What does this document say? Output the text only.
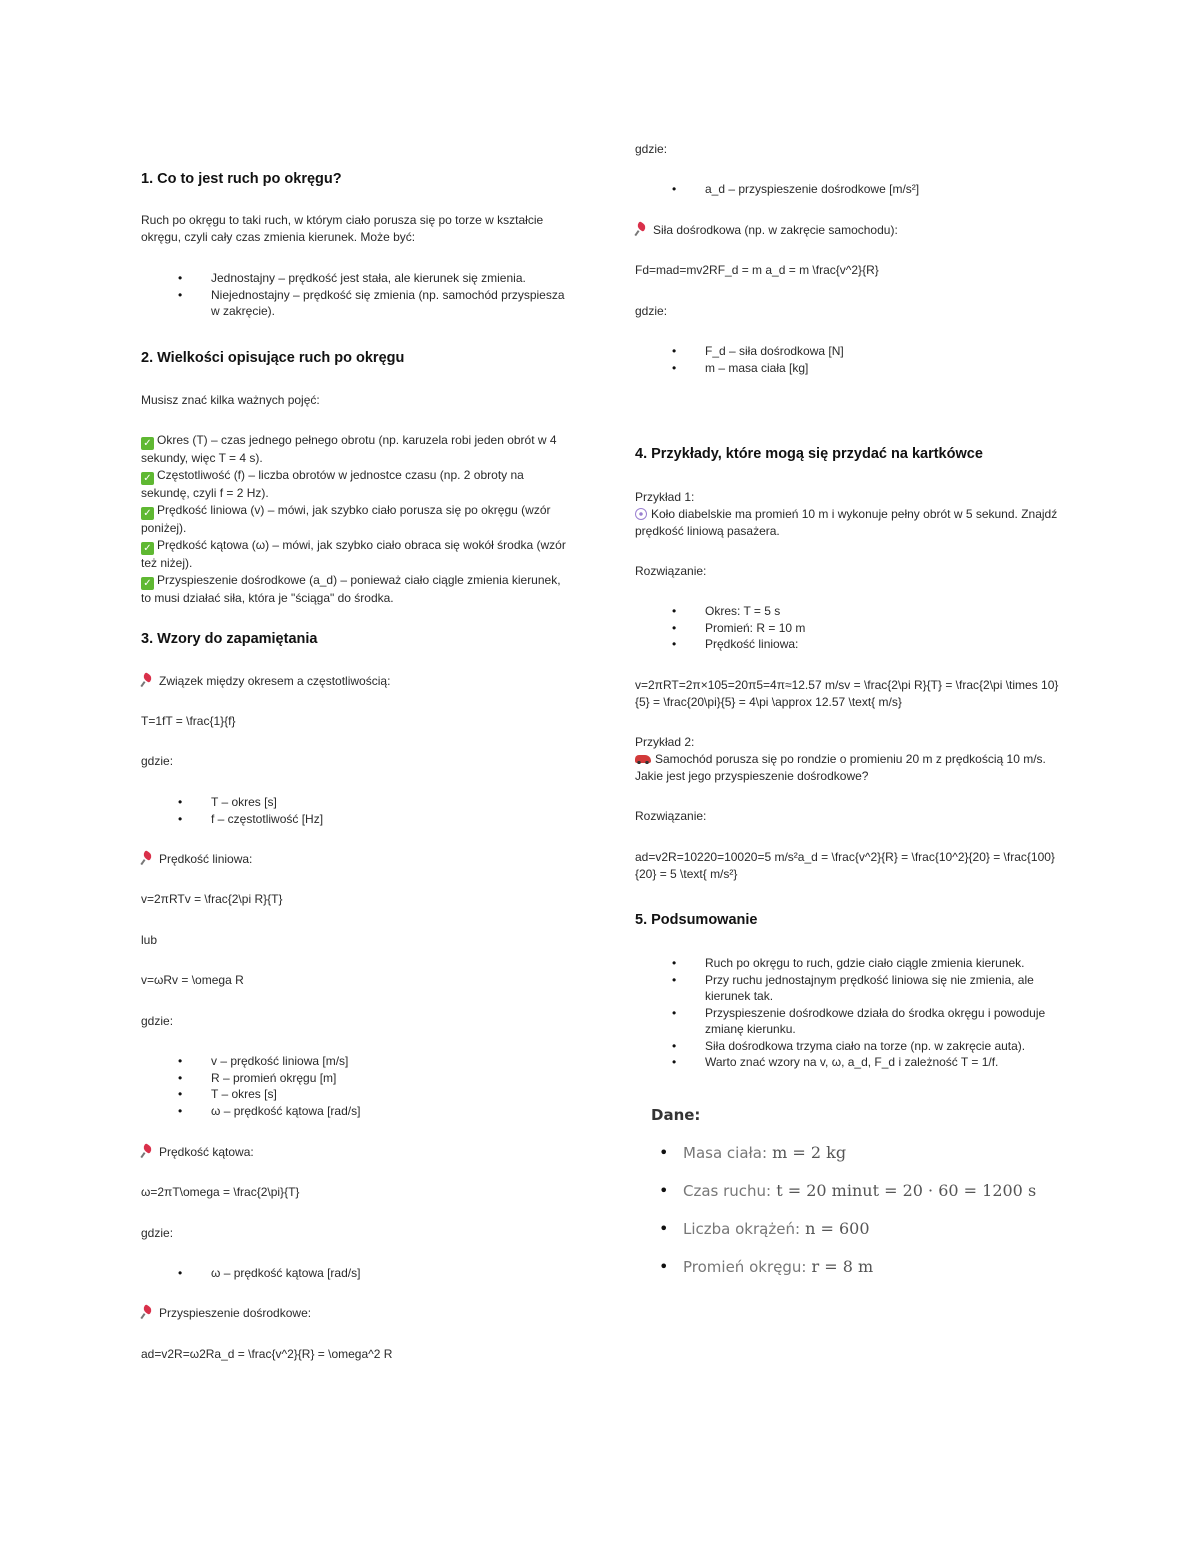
1. Co to jest ruch po okręgu?

Ruch po okręgu to taki ruch, w którym ciało porusza się po torze w kształcie okręgu, czyli cały czas zmienia kierunek. Może być:

• Jednostajny – prędkość jest stała, ale kierunek się zmienia.
• Niejednostajny – prędkość się zmienia (np. samochód przyspiesza w zakręcie).
2. Wielkości opisujące ruch po okręgu

Musisz znać kilka ważnych pojęć:

✓ Okres (T) – czas jednego pełnego obrotu (np. karuzela robi jeden obrót w 4 sekundy, więc T = 4 s).
✓ Częstotliwość (f) – liczba obrotów w jednostce czasu (np. 2 obroty na sekundę, czyli f = 2 Hz).
✓ Prędkość liniowa (v) – mówi, jak szybko ciało porusza się po okręgu (wzór poniżej).
✓ Prędkość kątowa (ω) – mówi, jak szybko ciało obraca się wokół środka (wzór też niżej).
✓ Przyspieszenie dośrodkowe (a_d) – ponieważ ciało ciągle zmienia kierunek, to musi działać siła, która je "ściąga" do środka.
3. Wzory do zapamiętania

Związek między okresem a częstotliwością:

T=1fT = \frac{1}{f}

gdzie:

• T – okres [s]
• f – częstotliwość [Hz]

Prędkość liniowa:

v=2πRTv = \frac{2\pi R}{T}

lub

v=ωRv = \omega R

gdzie:

• v – prędkość liniowa [m/s]
• R – promień okręgu [m]
• T – okres [s]
• ω – prędkość kątowa [rad/s]

Prędkość kątowa:

ω=2πT\omega = \frac{2\pi}{T}

gdzie:

• ω – prędkość kątowa [rad/s]

Przyspieszenie dośrodkowe:

ad=v2R=ω2Ra_d = \frac{v^2}{R} = \omega^2 R

gdzie:

• a_d – przyspieszenie dośrodkowe [m/s²]

Siła dośrodkowa (np. w zakręcie samochodu):

Fd=mad=mv2RF_d = m a_d = m \frac{v^2}{R}

gdzie:

• F_d – siła dośrodkowa [N]
• m – masa ciała [kg]
4. Przykłady, które mogą się przydać na kartkówce

Przykład 1:
Koło diabelskie ma promień 10 m i wykonuje pełny obrót w 5 sekund. Znajdź prędkość liniową pasażera.

Rozwiązanie:

• Okres: T = 5 s
• Promień: R = 10 m
• Prędkość liniowa:

v=2πRT=2π×105=20π5=4π≈12.57 m/sv = \frac{2\pi R}{T} = \frac{2\pi \times 10}{5} = \frac{20\pi}{5} = 4\pi \approx 12.57 \text{ m/s}

Przykład 2:
Samochód porusza się po rondzie o promieniu 20 m z prędkością 10 m/s. Jakie jest jego przyspieszenie dośrodkowe?

Rozwiązanie:

ad=v2R=10220=10020=5 m/s²a_d = \frac{v^2}{R} = \frac{10^2}{20} = \frac{100}{20} = 5 \text{ m/s²}

5. Podsumowanie
• Ruch po okręgu to ruch, gdzie ciało ciągle zmienia kierunek.
• Przy ruchu jednostajnym prędkość liniowa się nie zmienia, ale kierunek tak.
• Przyspieszenie dośrodkowe działa do środka okręgu i powoduje zmianę kierunku.
• Siła dośrodkowa trzyma ciało na torze (np. w zakręcie auta).
• Warto znać wzory na v, ω, a_d, F_d i zależność T = 1/f.
Dane:
• Masa ciała: m = 2 kg
• Czas ruchu: t = 20 minut = 20 · 60 = 1200 s
• Liczba okrążeń: n = 600
• Promień okręgu: r = 8 m
